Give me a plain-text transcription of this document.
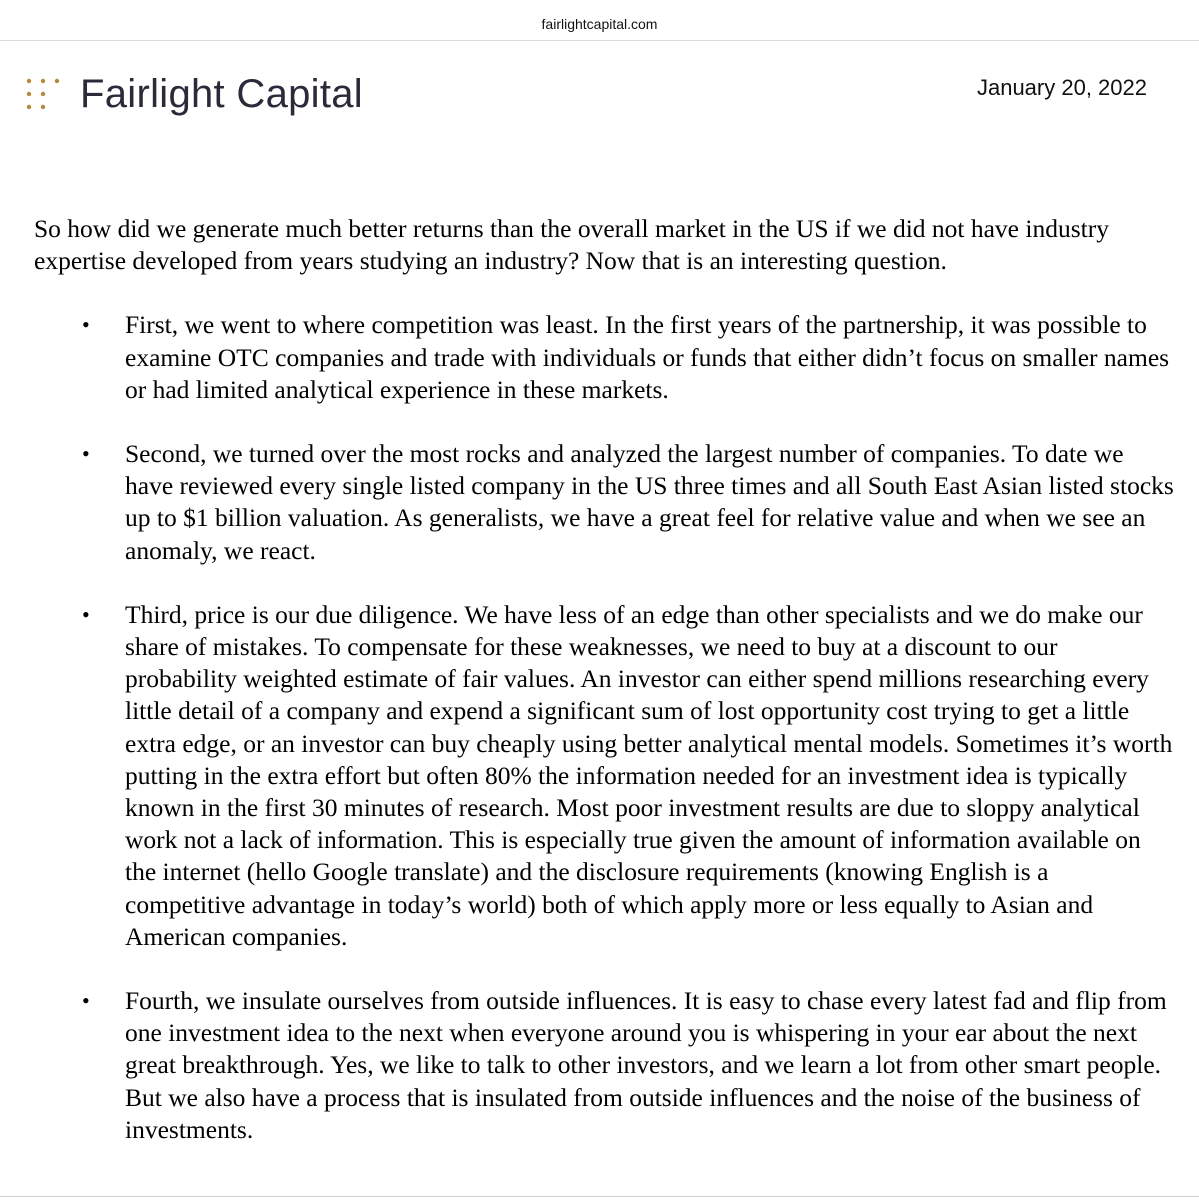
fairlightcapital.com
Fairlight Capital	January 20, 2022

So how did we generate much better returns than the overall market in the US if we did not have industry expertise developed from years studying an industry? Now that is an interesting question.

• First, we went to where competition was least. In the first years of the partnership, it was possible to examine OTC companies and trade with individuals or funds that either didn’t focus on smaller names or had limited analytical experience in these markets.
• Second, we turned over the most rocks and analyzed the largest number of companies. To date we have reviewed every single listed company in the US three times and all South East Asian listed stocks up to $1 billion valuation. As generalists, we have a great feel for relative value and when we see an anomaly, we react.
• Third, price is our due diligence. We have less of an edge than other specialists and we do make our share of mistakes. To compensate for these weaknesses, we need to buy at a discount to our probability weighted estimate of fair values. An investor can either spend millions researching every little detail of a company and expend a significant sum of lost opportunity cost trying to get a little extra edge, or an investor can buy cheaply using better analytical mental models. Sometimes it’s worth putting in the extra effort but often 80% the information needed for an investment idea is typically known in the first 30 minutes of research. Most poor investment results are due to sloppy analytical work not a lack of information. This is especially true given the amount of information available on the internet (hello Google translate) and the disclosure requirements (knowing English is a competitive advantage in today’s world) both of which apply more or less equally to Asian and American companies.
• Fourth, we insulate ourselves from outside influences. It is easy to chase every latest fad and flip from one investment idea to the next when everyone around you is whispering in your ear about the next great breakthrough. Yes, we like to talk to other investors, and we learn a lot from other smart people. But we also have a process that is insulated from outside influences and the noise of the business of investments.
